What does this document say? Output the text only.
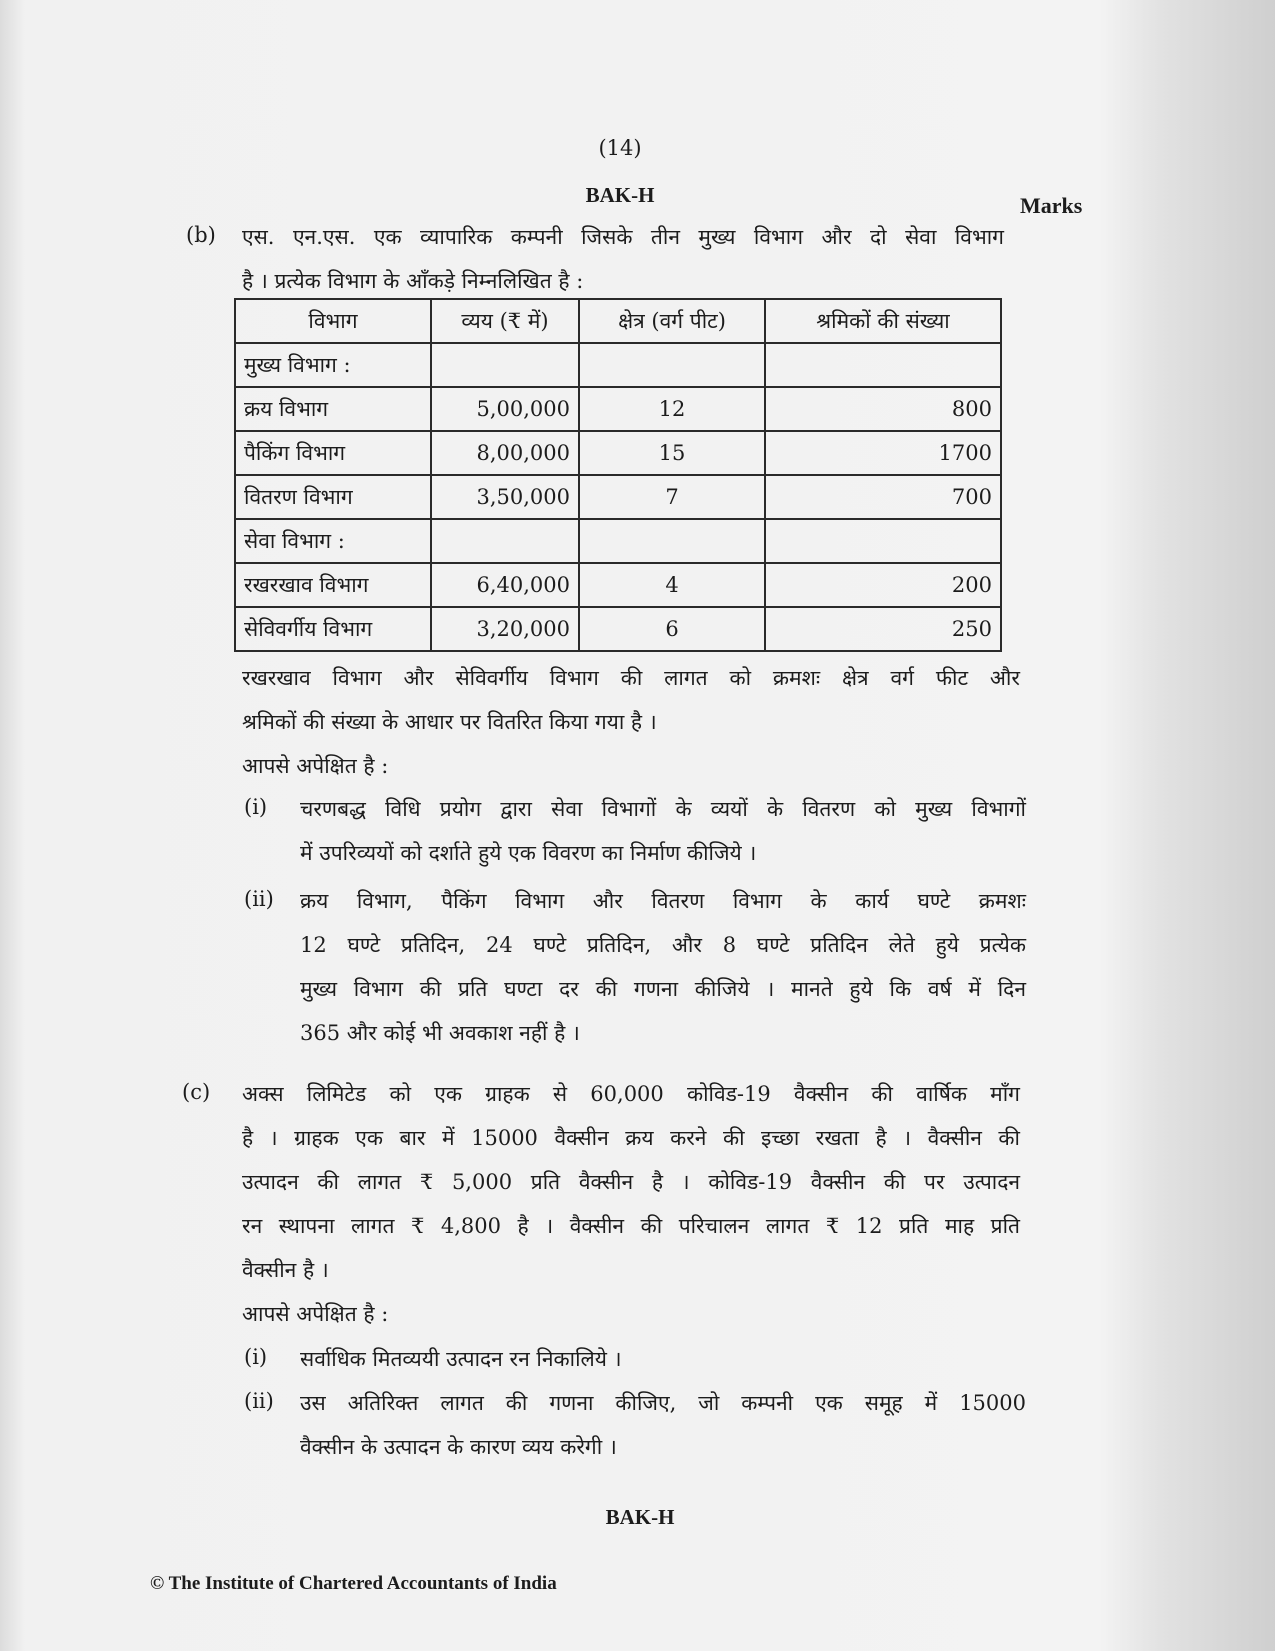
(14)
BAK-H	Marks
(b) एस. एन.एस. एक व्यापारिक कम्पनी जिसके तीन मुख्य विभाग और दो सेवा विभाग
है । प्रत्येक विभाग के आँकड़े निम्नलिखित है :
विभाग	व्यय (₹ में)	क्षेत्र (वर्ग पीट)	श्रमिकों की संख्या
मुख्य विभाग :			
क्रय विभाग	5,00,000	12	800
पैकिंग विभाग	8,00,000	15	1700
वितरण विभाग	3,50,000	7	700
सेवा विभाग :			
रखरखाव विभाग	6,40,000	4	200
सेविवर्गीय विभाग	3,20,000	6	250
रखरखाव विभाग और सेविवर्गीय विभाग की लागत को क्रमशः क्षेत्र वर्ग फीट और
श्रमिकों की संख्या के आधार पर वितरित किया गया है ।
आपसे अपेक्षित है :
(i) चरणबद्ध विधि प्रयोग द्वारा सेवा विभागों के व्ययों के वितरण को मुख्य विभागों
में उपरिव्ययों को दर्शाते हुये एक विवरण का निर्माण कीजिये ।
(ii) क्रय विभाग, पैकिंग विभाग और वितरण विभाग के कार्य घण्टे क्रमशः
12 घण्टे प्रतिदिन, 24 घण्टे प्रतिदिन, और 8 घण्टे प्रतिदिन लेते हुये प्रत्येक
मुख्य विभाग की प्रति घण्टा दर की गणना कीजिये । मानते हुये कि वर्ष में दिन
365 और कोई भी अवकाश नहीं है ।
(c) अक्स लिमिटेड को एक ग्राहक से 60,000 कोविड-19 वैक्सीन की वार्षिक माँग
है । ग्राहक एक बार में 15000 वैक्सीन क्रय करने की इच्छा रखता है । वैक्सीन की
उत्पादन की लागत ₹ 5,000 प्रति वैक्सीन है । कोविड-19 वैक्सीन की पर उत्पादन
रन स्थापना लागत ₹ 4,800 है । वैक्सीन की परिचालन लागत ₹ 12 प्रति माह प्रति
वैक्सीन है ।
आपसे अपेक्षित है :
(i) सर्वाधिक मितव्ययी उत्पादन रन निकालिये ।
(ii) उस अतिरिक्त लागत की गणना कीजिए, जो कम्पनी एक समूह में 15000
वैक्सीन के उत्पादन के कारण व्यय करेगी ।
BAK-H
© The Institute of Chartered Accountants of India
